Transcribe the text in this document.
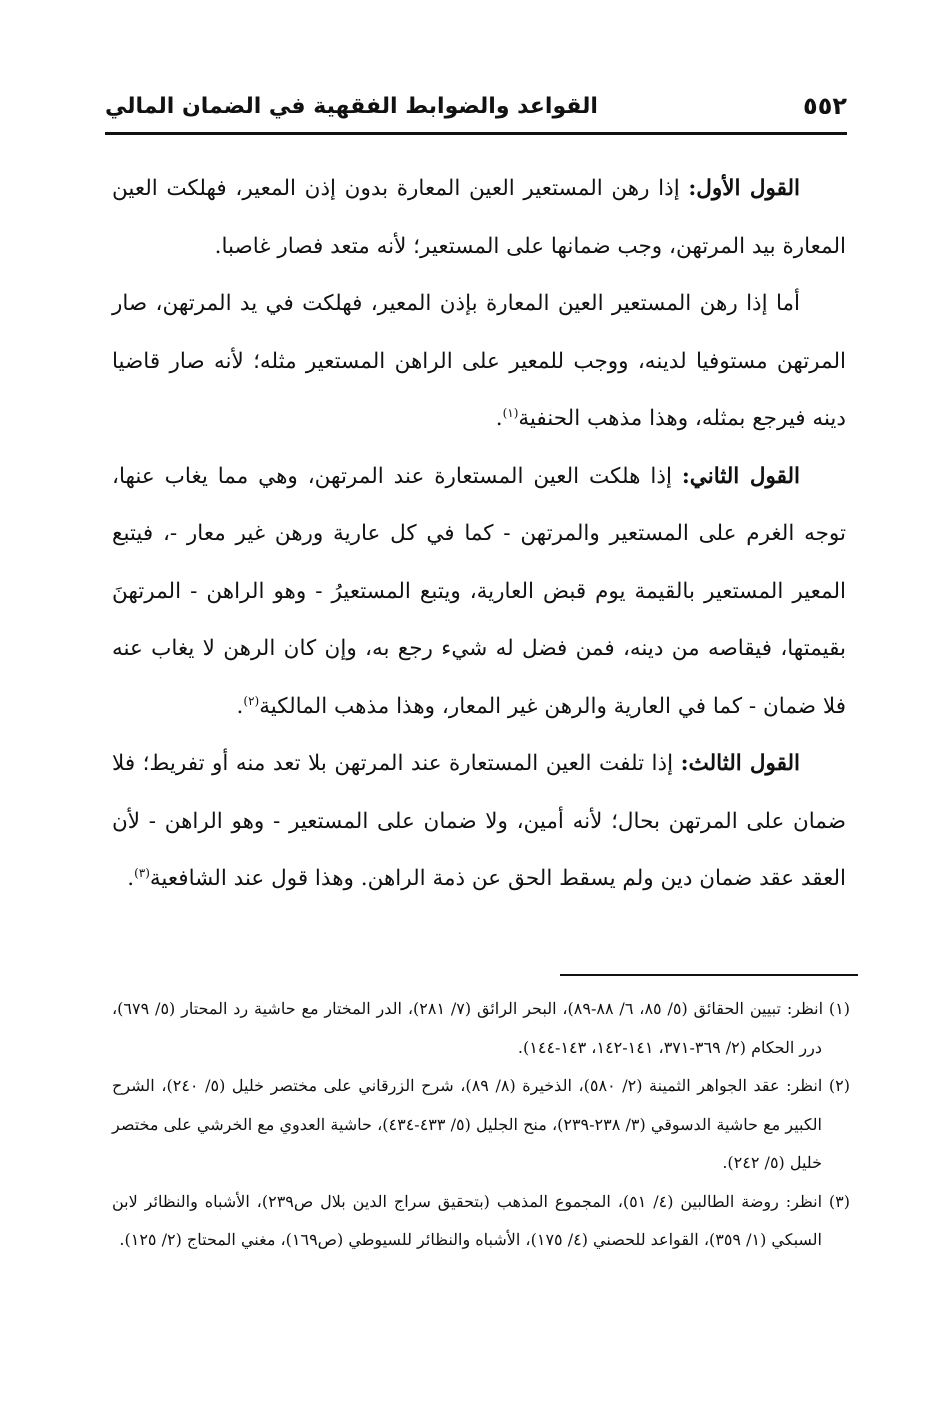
٥٥٢
القواعد والضوابط الفقهية في الضمان المالي

القول الأول: إذا رهن المستعير العين المعارة بدون إذن المعير، فهلكت العين المعارة بيد المرتهن، وجب ضمانها على المستعير؛ لأنه متعد فصار غاصبا.

أما إذا رهن المستعير العين المعارة بإذن المعير، فهلكت في يد المرتهن، صار المرتهن مستوفيا لدينه، ووجب للمعير على الراهن المستعير مثله؛ لأنه صار قاضيا دينه فيرجع بمثله، وهذا مذهب الحنفية$^{(١)}$.

القول الثاني: إذا هلكت العين المستعارة عند المرتهن، وهي مما يغاب عنها، توجه الغرم على المستعير والمرتهن - كما في كل عارية ورهن غير معار -، فيتبع المعير المستعير بالقيمة يوم قبض العارية، ويتبع المستعيرُ - وهو الراهن - المرتهنَ بقيمتها، فيقاصه من دينه، فمن فضل له شيء رجع به، وإن كان الرهن لا يغاب عنه فلا ضمان - كما في العارية والرهن غير المعار، وهذا مذهب المالكية$^{(٢)}$.

القول الثالث: إذا تلفت العين المستعارة عند المرتهن بلا تعد منه أو تفريط؛ فلا ضمان على المرتهن بحال؛ لأنه أمين، ولا ضمان على المستعير - وهو الراهن - لأن العقد عقد ضمان دين ولم يسقط الحق عن ذمة الراهن. وهذا قول عند الشافعية$^{(٣)}$.

(١) انظر: تبيين الحقائق (٥/ ٨٥، ٦/ ٨٨-٨٩)، البحر الرائق (٧/ ٢٨١)، الدر المختار مع حاشية رد المحتار (٥/ ٦٧٩)، درر الحكام (٢/ ٣٦٩-٣٧١، ١٤١-١٤٢، ١٤٣-١٤٤).

(٢) انظر: عقد الجواهر الثمينة (٢/ ٥٨٠)، الذخيرة (٨/ ٨٩)، شرح الزرقاني على مختصر خليل (٥/ ٢٤٠)، الشرح الكبير مع حاشية الدسوقي (٣/ ٢٣٨-٢٣٩)، منح الجليل (٥/ ٤٣٣-٤٣٤)، حاشية العدوي مع الخرشي على مختصر خليل (٥/ ٢٤٢).

(٣) انظر: روضة الطالبين (٤/ ٥١)، المجموع المذهب (بتحقيق سراج الدين بلال ص٢٣٩)، الأشباه والنظائر لابن السبكي (١/ ٣٥٩)، القواعد للحصني (٤/ ١٧٥)، الأشباه والنظائر للسيوطي (ص١٦٩)، مغني المحتاج (٢/ ١٢٥).
